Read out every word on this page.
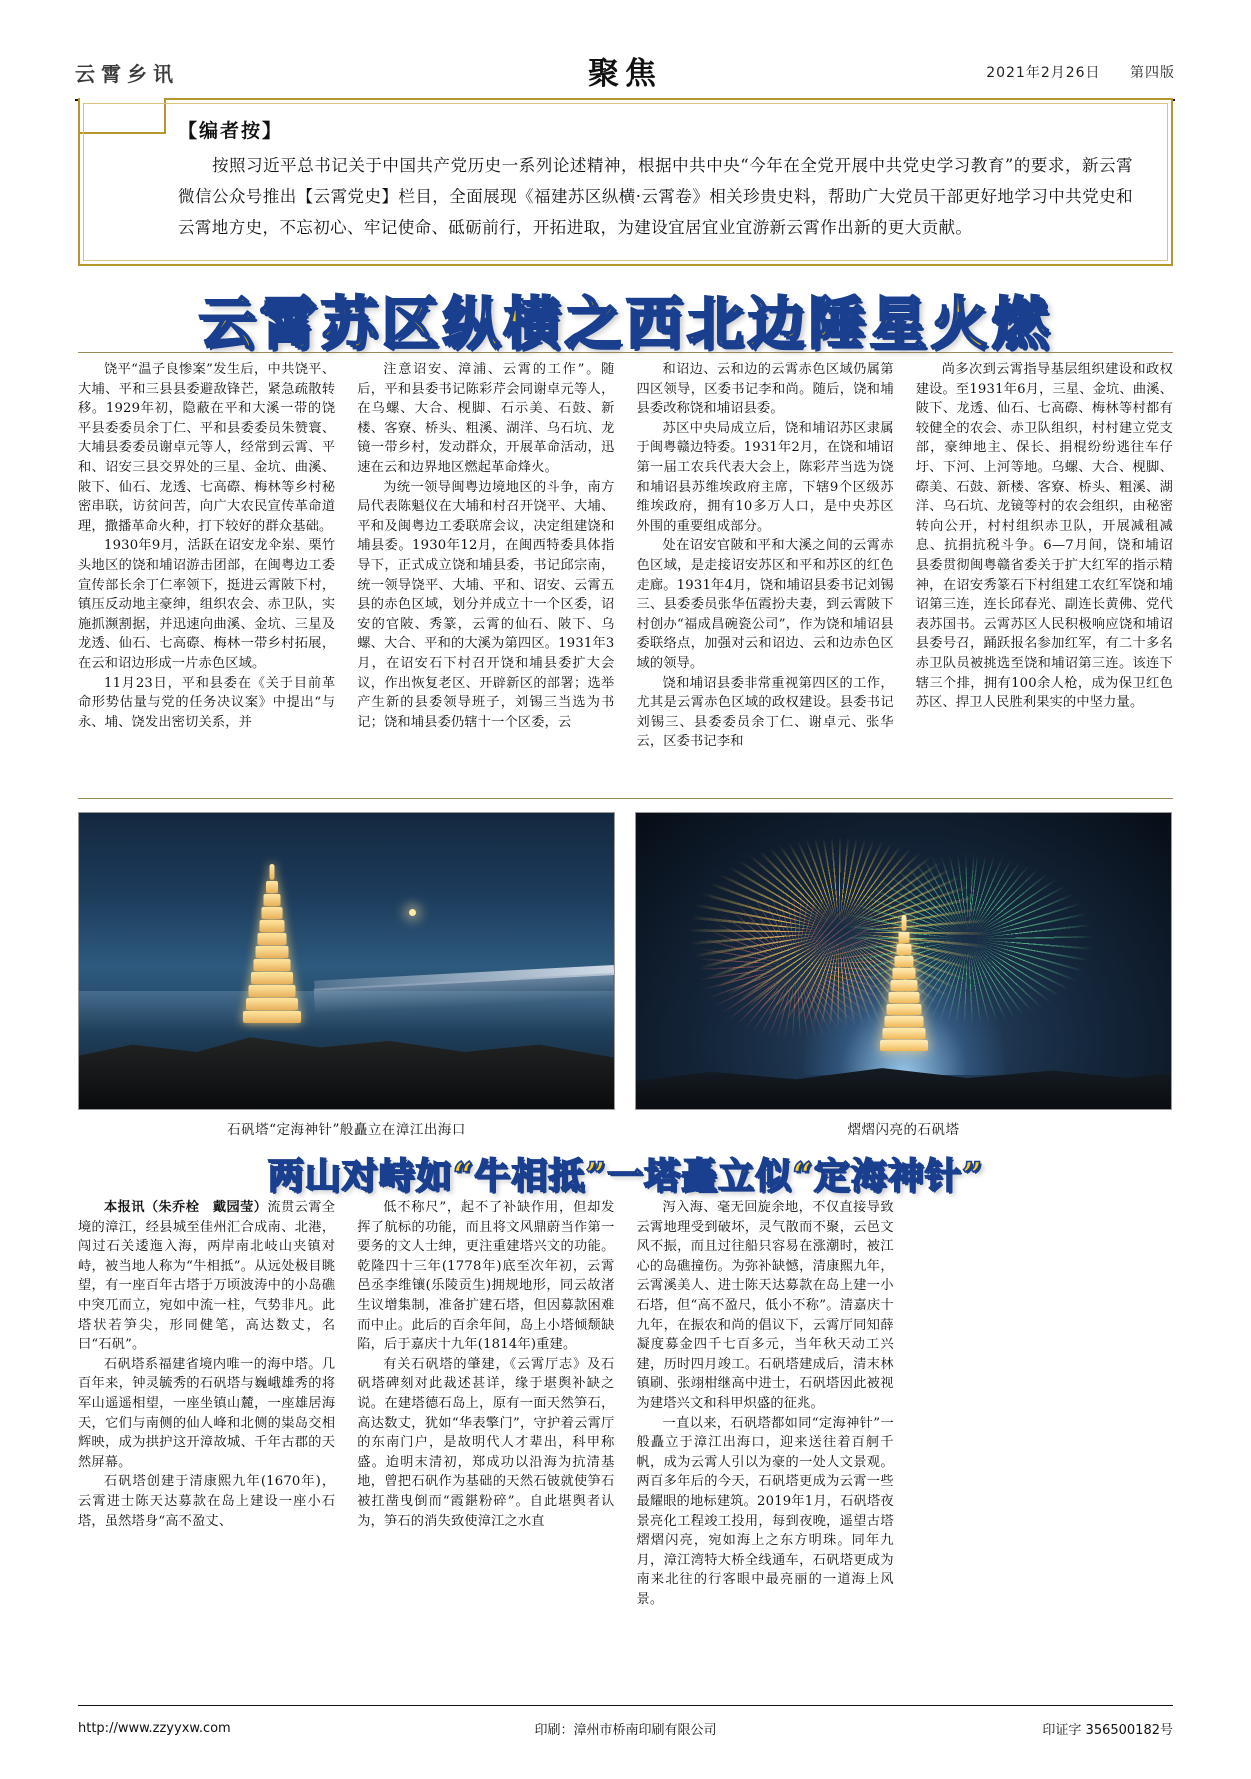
云霄乡讯	聚焦	2021年2月26日 第四版
【编者按】
按照习近平总书记关于中国共产党历史一系列论述精神，根据中共中央“今年在全党开展中共党史学习教育”的要求，新云霄微信公众号推出【云霄党史】栏目，全面展现《福建苏区纵横·云霄卷》相关珍贵史料，帮助广大党员干部更好地学习中共党史和云霄地方史，不忘初心、牢记使命、砥砺前行，开拓进取，为建设宜居宜业宜游新云霄作出新的更大贡献。
云霄苏区纵横之西北边陲星火燃

饶平“温子良惨案”发生后，中共饶平、大埔、平和三县县委避敌锋芒，紧急疏散转移。1929年初，隐蔽在平和大溪一带的饶平县委委员余丁仁、平和县委委员朱赞寰、大埔县委委员谢卓元等人，经常到云霄、平和、诏安三县交界处的三星、金坑、曲溪、陂下、仙石、龙透、七高磜、梅林等乡村秘密串联，访贫问苦，向广大农民宣传革命道理，撒播革命火种，打下较好的群众基础。

1930年9月，活跃在诏安龙伞岽、栗竹头地区的饶和埔诏游击团部，在闽粤边工委宣传部长余丁仁率领下，挺进云霄陂下村，镇压反动地主豪绅，组织农会、赤卫队，实施抓濒割据，并迅速向曲溪、金坑、三星及龙透、仙石、七高磜、梅林一带乡村拓展，在云和诏边形成一片赤色区域。

11月23日，平和县委在《关于目前革命形势估量与党的任务决议案》中提出“与永、埔、饶发出密切关系，并

注意诏安、漳浦、云霄的工作”。随后，平和县委书记陈彩芹会同谢卓元等人，在乌螺、大合、枧脚、石示美、石鼓、新楼、客寮、桥头、粗溪、湖洋、乌石坑、龙镜一带乡村，发动群众，开展革命活动，迅速在云和边界地区燃起革命烽火。

为统一领导闽粤边境地区的斗争，南方局代表陈魁仪在大埔和村召开饶平、大埔、平和及闽粤边工委联席会议，决定组建饶和埔县委。1930年12月，在闽西特委具体指导下，正式成立饶和埔县委，书记邱宗南，统一领导饶平、大埔、平和、诏安、云霄五县的赤色区域，划分并成立十一个区委，诏安的官陂、秀篆，云霄的仙石、陂下、乌螺、大合、平和的大溪为第四区。1931年3月，在诏安石下村召开饶和埔县委扩大会议，作出恢复老区、开辟新区的部署；选举产生新的县委领导班子，刘锡三当选为书记；饶和埔县委仍辖十一个区委，云

和诏边、云和边的云霄赤色区域仍属第四区领导，区委书记李和尚。随后，饶和埔县委改称饶和埔诏县委。

苏区中央局成立后，饶和埔诏苏区隶属于闽粤赣边特委。1931年2月，在饶和埔诏第一届工农兵代表大会上，陈彩芹当选为饶和埔诏县苏维埃政府主席，下辖9个区级苏维埃政府，拥有10多万人口，是中央苏区外围的重要组成部分。

处在诏安官陂和平和大溪之间的云霄赤色区域，是走接诏安苏区和平和苏区的红色走廊。1931年4月，饶和埔诏县委书记刘锡三、县委委员张华伍霞扮夫妻，到云霄陂下村创办“福成昌碗瓷公司”，作为饶和埔诏县委联络点，加强对云和诏边、云和边赤色区域的领导。

饶和埔诏县委非常重视第四区的工作，尤其是云霄赤色区域的政权建设。县委书记刘锡三、县委委员余丁仁、谢卓元、张华云，区委书记李和

尚多次到云霄指导基层组织建设和政权建设。至1931年6月，三星、金坑、曲溪、陂下、龙透、仙石、七高磜、梅林等村都有较健全的农会、赤卫队组织，村村建立党支部，豪绅地主、保长、捐棍纷纷逃往车仔圩、下河、上河等地。乌螺、大合、枧脚、磜美、石鼓、新楼、客寮、桥头、粗溪、湖洋、乌石坑、龙镜等村的农会组织，由秘密转向公开，村村组织赤卫队，开展减租减息、抗捐抗税斗争。6—7月间，饶和埔诏县委贯彻闽粤赣省委关于扩大红军的指示精神，在诏安秀篆石下村组建工农红军饶和埔诏第三连，连长邱春光、副连长黄佛、党代表苏国书。云霄苏区人民积极响应饶和埔诏县委号召，踊跃报名参加红军，有二十多名赤卫队员被挑选至饶和埔诏第三连。该连下辖三个排，拥有100余人枪，成为保卫红色苏区、捍卫人民胜利果实的中坚力量。

石矾塔“定海神针”般矗立在漳江出海口	熠熠闪亮的石矾塔
两山对峙如“牛相抵”一塔矗立似“定海神针”

本报讯（朱乔栓　戴园莹）流贯云霄全境的漳江，经县城至佳州汇合成南、北港，闯过石关逶迤入海，两岸南北岐山夹镇对峙，被当地人称为“牛相抵”。从远处极目眺望，有一座百年古塔于万顷波涛中的小岛礁中突兀而立，宛如中流一柱，气势非凡。此塔状若笋尖，形同健笔，高达数丈，名曰“石矾”。

石矾塔系福建省境内唯一的海中塔。几百年来，钟灵毓秀的石矾塔与巍峨雄秀的将军山遥遥相望，一座坐镇山麓，一座雄居海天，它们与南侧的仙人峰和北侧的粜岛交相辉映，成为拱护这开漳故城、千年古郡的天然屏幕。

石矾塔创建于清康熙九年(1670年)，云霄进士陈天达募款在岛上建设一座小石塔，虽然塔身“高不盈丈、

低不称尺”，起不了补缺作用，但却发挥了航标的功能，而且将文风鼎蔚当作第一要务的文人士绅，更注重建塔兴文的功能。乾隆四十三年(1778年)底至次年初，云霄邑丞李维镶(乐陵贡生)拥规地形，同云故渚生议增集制，准备扩建石塔，但因募款困难而中止。此后的百余年间，岛上小塔倾颓缺陷，后于嘉庆十九年(1814年)重建。

有关石矾塔的肇建，《云霄厅志》及石矾塔碑刻对此裁述甚详，缘于堪舆补缺之说。在建塔德石岛上，原有一面天然笋石，高达数丈，犹如“华表擎门”，守护着云霄厅的东南门户，是故明代人才辈出，科甲称盛。迨明末清初，郑成功以沿海为抗清基地，曾把石矾作为基础的天然石铍就使笋石被扛凿曳倒而“霞鍖粉碎”。自此堪舆者认为，笋石的消失致使漳江之水直

泻入海、毫无回旋余地，不仅直接导致云霄地理受到破坏，灵气散而不聚，云邑文风不振，而且过往船只容易在涨潮时，被江心的岛礁撞伤。为弥补缺憾，清康熙九年，云霄溪美人、进士陈天达募款在岛上建一小石塔，但“高不盈尺，低小不称”。清嘉庆十九年，在振农和尚的倡议下，云霄厅同知薛凝度募金四千七百多元，当年秋天动工兴建，历时四月竣工。石矾塔建成后，清末林镇刷、张翊柑继高中进士，石矾塔因此被视为建塔兴文和科甲炽盛的征兆。

一直以来，石矾塔都如同“定海神针”一般矗立于漳江出海口，迎来送往着百舸千帆，成为云霄人引以为豪的一处人文景观。两百多年后的今天，石矾塔更成为云霄一些最耀眼的地标建筑。2019年1月，石矾塔夜景亮化工程竣工投用，每到夜晚，遥望古塔熠熠闪亮，宛如海上之东方明珠。同年九月，漳江湾特大桥全线通车，石矾塔更成为南来北往的行客眼中最亮丽的一道海上风景。

http://www.zzyyxw.com	印刷：漳州市桥南印刷有限公司	印证字 356500182号
